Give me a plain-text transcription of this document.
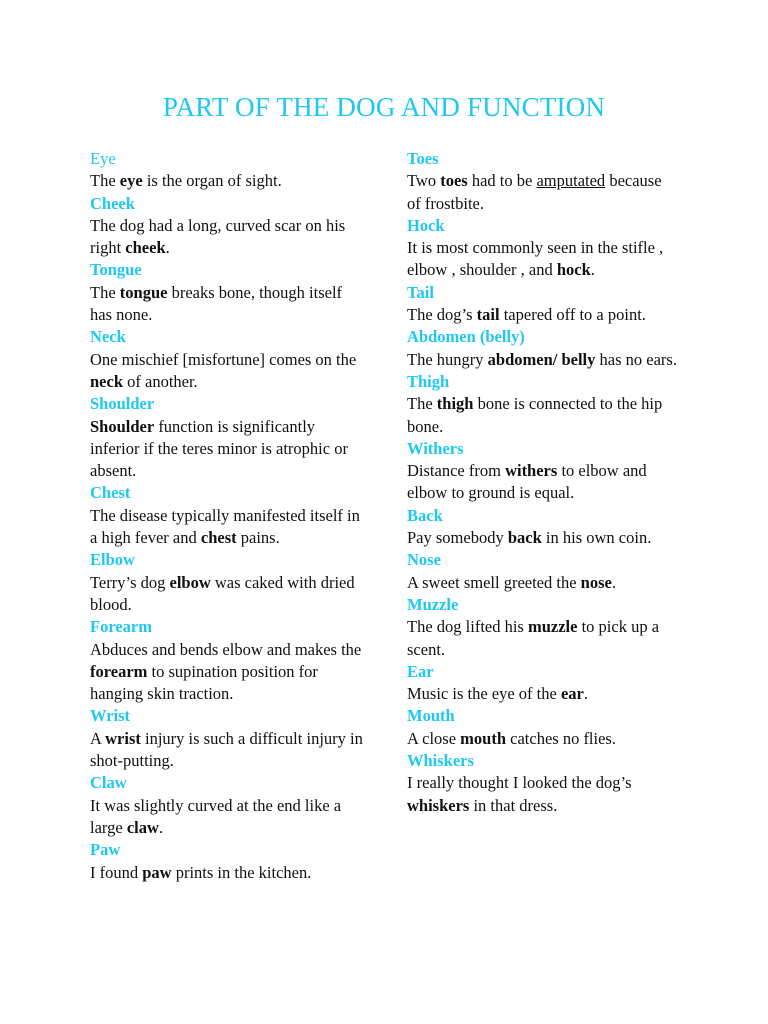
PART OF THE DOG AND FUNCTION
Eye
The eye is the organ of sight.
Cheek
The dog had a long, curved scar on his right cheek.
Tongue
The tongue breaks bone, though itself has none.
Neck
One mischief [misfortune] comes on the neck of another.
Shoulder
Shoulder function is significantly inferior if the teres minor is atrophic or absent.
Chest
The disease typically manifested itself in a high fever and chest pains.
Elbow
Terry’s dog elbow was caked with dried blood.
Forearm
Abduces and bends elbow and makes the forearm to supination position for hanging skin traction.
Wrist
A wrist injury is such a difficult injury in shot-putting.
Claw
It was slightly curved at the end like a large claw.
Paw
I found paw prints in the kitchen.
Toes
Two toes had to be amputated because of frostbite.
Hock
It is most commonly seen in the stifle , elbow , shoulder , and hock.
Tail
The dog’s tail tapered off to a point.
Abdomen (belly)
The hungry abdomen/ belly has no ears.
Thigh
The thigh bone is connected to the hip bone.
Withers
Distance from withers to elbow and elbow to ground is equal.
Back
Pay somebody back in his own coin.
Nose
A sweet smell greeted the nose.
Muzzle
The dog lifted his muzzle to pick up a scent.
Ear
Music is the eye of the ear.
Mouth
A close mouth catches no flies.
Whiskers
I really thought I looked the dog’s whiskers in that dress.
